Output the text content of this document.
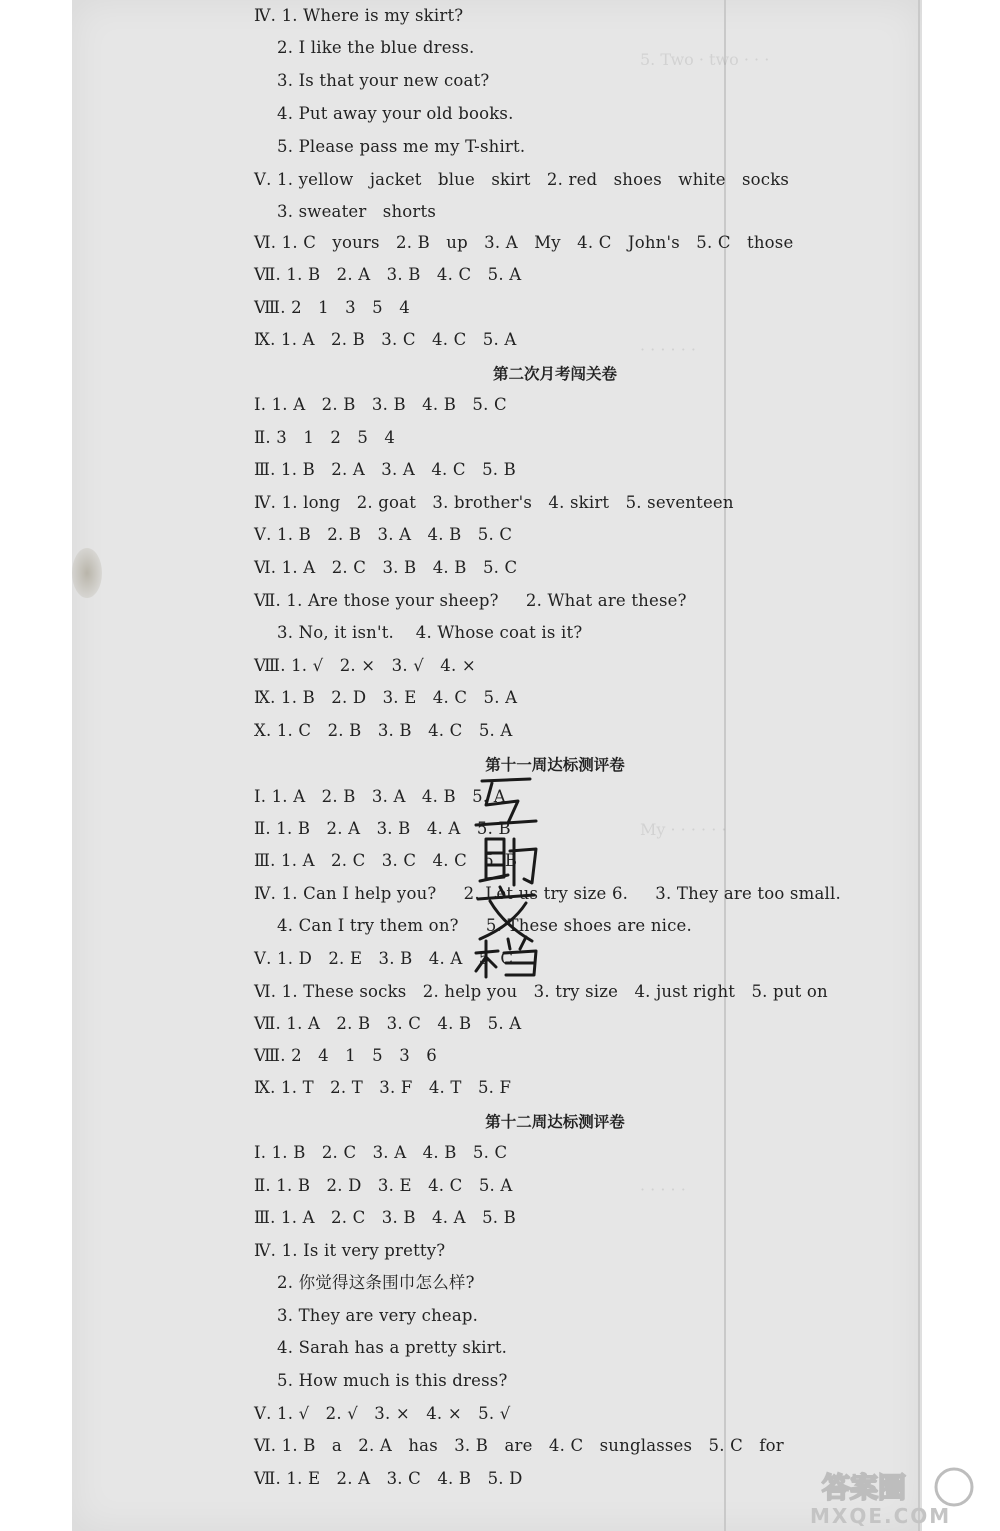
5. Two · two · · ·
· · · · · ·
My · · · · · ·
· · · · ·
Ⅳ. 1. Where is my skirt?
2. I like the blue dress.
3. Is that your new coat?
4. Put away your old books.
5. Please pass me my T-shirt.
Ⅴ. 1. yellow   jacket   blue   skirt   2. red   shoes   white   socks
3. sweater   shorts
Ⅵ. 1. C   yours   2. B   up   3. A   My   4. C   John's   5. C   those
Ⅶ. 1. B   2. A   3. B   4. C   5. A
Ⅷ. 2   1   3   5   4
Ⅸ. 1. A   2. B   3. C   4. C   5. A
第二次月考闯关卷
Ⅰ. 1. A   2. B   3. B   4. B   5. C
Ⅱ. 3   1   2   5   4
Ⅲ. 1. B   2. A   3. A   4. C   5. B
Ⅳ. 1. long   2. goat   3. brother's   4. skirt   5. seventeen
Ⅴ. 1. B   2. B   3. A   4. B   5. C
Ⅵ. 1. A   2. C   3. B   4. B   5. C
Ⅶ. 1. Are those your sheep?     2. What are these?
3. No, it isn't.    4. Whose coat is it?
Ⅷ. 1. √   2. ×   3. √   4. ×
Ⅸ. 1. B   2. D   3. E   4. C   5. A
Ⅹ. 1. C   2. B   3. B   4. C   5. A
第十一周达标测评卷
Ⅰ. 1. A   2. B   3. A   4. B   5. A
Ⅱ. 1. B   2. A   3. B   4. A   5. B
Ⅲ. 1. A   2. C   3. C   4. C   5. B
Ⅳ. 1. Can I help you?     2. Let us try size 6.     3. They are too small.
4. Can I try them on?     5. These shoes are nice.
Ⅴ. 1. D   2. E   3. B   4. A   5. C
Ⅵ. 1. These socks   2. help you   3. try size   4. just right   5. put on
Ⅶ. 1. A   2. B   3. C   4. B   5. A
Ⅷ. 2   4   1   5   3   6
Ⅸ. 1. T   2. T   3. F   4. T   5. F
第十二周达标测评卷
Ⅰ. 1. B   2. C   3. A   4. B   5. C
Ⅱ. 1. B   2. D   3. E   4. C   5. A
Ⅲ. 1. A   2. C   3. B   4. A   5. B
Ⅳ. 1. Is it very pretty?
2. 你觉得这条围巾怎么样?
3. They are very cheap.
4. Sarah has a pretty skirt.
5. How much is this dress?
Ⅴ. 1. √   2. √   3. ×   4. ×   5. √
Ⅵ. 1. B   a   2. A   has   3. B   are   4. C   sunglasses   5. C   for
Ⅶ. 1. E   2. A   3. C   4. B   5. D	答案圈
MXQE.COM
